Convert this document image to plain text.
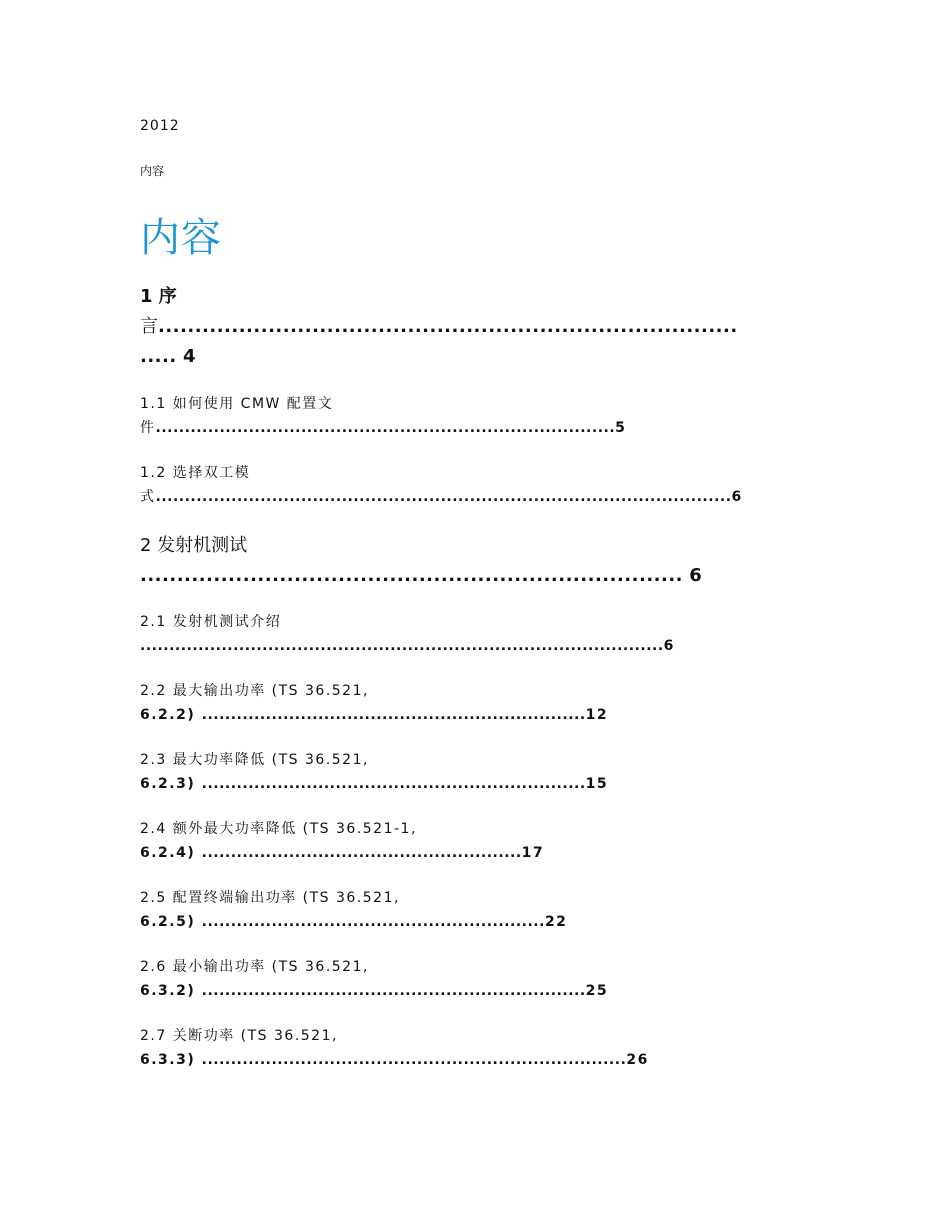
2012
内容
内容
1 序
言...............................................................................
..... 4
1.1 如何使用 CMW 配置文
件...............................................................................5
1.2 选择双工模
式...................................................................................................6
2 发射机测试
.......................................................................... 6
2.1 发射机测试介绍
..........................................................................................6
2.2 最大输出功率 (TS 36.521,
6.2.2) ..................................................................12
2.3 最大功率降低 (TS 36.521,
6.2.3) ..................................................................15
2.4 额外最大功率降低 (TS 36.521-1,
6.2.4) .......................................................17
2.5 配置终端输出功率 (TS 36.521,
6.2.5) ...........................................................22
2.6 最小输出功率 (TS 36.521,
6.3.2) ..................................................................25
2.7 关断功率 (TS 36.521,
6.3.3) .........................................................................26
